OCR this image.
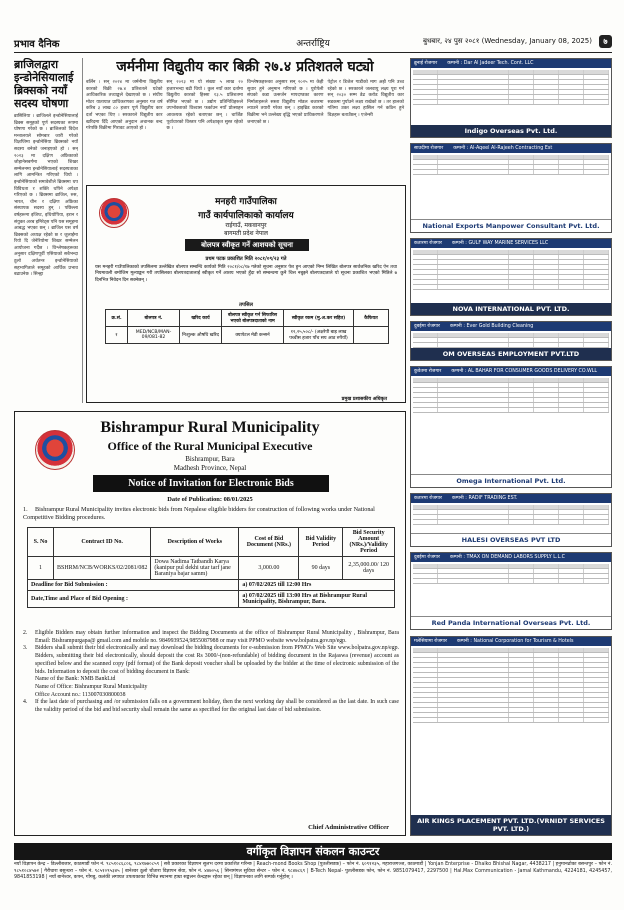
प्रभाव दैनिक	अन्तर्राष्ट्रिय	बुधबार, २४ पुस २०८१ (Wednesday, January 08, 2025)	७
ब्राजिलद्वारा इन्डोनेसियालाई ब्रिक्सको नयाँ सदस्य घोषणा
ब्रासिलिया । ब्राजिलले इन्डोनेसियालाई ब्रिक्स समूहको पूर्ण सदस्यका रूपमा घोषणा गरेको छ । ब्राजिलको विदेश मन्त्रालयले सोमबार जारी गरेको विज्ञप्तिमा इन्डोनेसिया ब्रिक्सको नयाँ सदस्य बनेको जनाइएको हो । सन् २०२३ मा दक्षिण अफ्रिकाको जोहानेसबर्गमा भएको शिखर सम्मेलनमा इन्डोनेसियालाई सदस्यताका लागि आमन्त्रित गरिएको थियो । इन्डोनेसियाको समावेशीले ब्रिक्समा थप विविधता र शक्ति थपिने अपेक्षा गरिएको छ । ब्रिक्समा ब्राजिल, रुस, भारत, चीन र दक्षिण अफ्रिका संस्थापक सदस्य हुन् । पछिल्ला वर्षहरूमा इजिप्ट, इथियोपिया, इरान र संयुक्त अरब इमिरेट्स पनि यस समूहमा आबद्ध भएका छन् । ब्राजिल यस वर्ष ब्रिक्सको अध्यक्ष रहेको छ र जुलाईमा रियो दि जेनेरियोमा शिखर सम्मेलन आयोजना गर्दैछ । विश्लेषकहरूका अनुसार दक्षिणपूर्वी एसियाको सबैभन्दा ठूलो अर्थतन्त्र इन्डोनेसियाको सहभागिताले समूहको आर्थिक प्रभाव बढाउनेछ । सिन्ह्वा
जर्मनीमा विद्युतीय कार बिक्री २७.४ प्रतिशतले घट्यो
बर्लिन । सन् २०२४ मा जर्मनीमा विद्युतीय कारको बिक्री २७.४ प्रतिशतले घटेको आधिकारिक तथ्याङ्कले देखाएको छ । संघीय मोटर यातायात प्राधिकरणका अनुसार गत वर्ष करिब ३ लाख ८० हजार पूर्ण विद्युतीय कार दर्ता भएका थिए । सरकारले विद्युतीय कार खरिदमा दिँदै आएको अनुदान अचानक बन्द गरेपछि बिक्रीमा गिरावट आएको हो ।
सन् २०२३ मा यो संख्या ५ लाख २० हजारभन्दा बढी थियो । कुल नयाँ कार दर्तामा विद्युतीय कारको हिस्सा १३.५ प्रतिशतमा सीमित भएको छ । उद्योग प्रतिनिधिहरूले उपभोक्ताको विश्वास फर्काउन नयाँ प्रोत्साहन आवश्यक रहेको बताएका छन् । चार्जिङ पूर्वाधारको विस्तार पनि अपेक्षाकृत सुस्त रहेको छ ।
विश्लेषकहरूका अनुसार सन् २०२५ मा केही सुधार हुने अनुमान गरिएको छ । युरोपेली संघको कडा उत्सर्जन मापदण्डका कारण निर्माताहरूले सस्ता विद्युतीय मोडल बजारमा ल्याउने तयारी गरेका छन् । हाइब्रिड कारको बिक्रीमा भने उल्लेख्य वृद्धि भएको प्राधिकरणले जनाएको छ ।
पेट्रोल र डिजेल गाडीको माग अझै पनि उच्च रहेको छ । सरकारले जलवायु लक्ष्य पूरा गर्न सन् २०३० सम्म डेढ करोड विद्युतीय कार सडकमा पुर्याउने लक्ष्य राखेको छ । तर हालको गतिमा उक्त लक्ष्य हासिल गर्न कठिन हुने विज्ञहरू बताउँछन् । एजेन्सी
मनहरी गाउँपालिका
गाउँ कार्यपालिकाको कार्यालय
राईगाउँ, मकवानपुर
बागमती प्रदेश नेपाल
बोलपत्र स्वीकृत गर्ने आशयको सूचना
प्रथम पटक प्रकाशित मिति २०८१/०९/२३ गते
यस मनहरी गाउँपालिकाको तपसिलमा उल्लेखित बोलपत्र सम्बन्धि कार्यको मिति २०८१/०८/१७ गतेको सूचना अनुसार पेश हुन आएको निम्न लिखित बोलपत्र सार्वजनिक खरिद ऐन तथा नियमावली बमोजिम मूल्याङ्कन गरी तपसिलका बोलपत्रदातालाई स्वीकृत गर्ने आशय भएको हुँदा सो सम्बन्धमा कुनै चित्त नबुझ्ने बोलपत्रदाताले यो सूचना प्रकाशित भएको मितिले ७ दिनभित्र निवेदन दिन सक्नेछन् ।
तपसिल
क्र.सं.	बोलपत्र नं.	खरिद कार्य	बोलपत्र स्वीकृत गर्न सिफारिस भएको बोलपत्रदाताको नाम	स्वीकृत रकम (मु.अ.कर सहित)	कैफियत
१	MED/NCB/MAN-09/081-82	निःशुल्क औषधि खरिद	क्यापेटल मेडी कन्सर्न	१२,२५,५०८/- (अक्षरेपी बाह्र लाख पच्चीस हजार पाँच सय आठ रुपैयाँ)	
प्रमुख प्रशासकीय अधिकृत
Bishrampur Rural Municipality
Office of the Rural Municipal Executive
Bishrampur, Bara
Madhesh Province, Nepal
Notice of Invitation for Electronic Bids
Date of Publication: 08/01/2025
1. Bishrampur Rural Municipality invites electronic bids from Nepalese eligible bidders for construction of following works under National Competitive Bidding procedures.
S. No	Contract ID No.	Description of Works	Cost of Bid Document (NRs.)	Bid Validity Period	Bid Security Amount (NRs.)/Validity Period
1	BSHRM/NCB/WORKS/02/2081/082	Dowa Nadima Tatbandh Karya (kanipur pul dekhi utar tarf jane Baraniya bajar samm)	3,000.00	90 days	2,35,000.00/ 120 days
Deadline for Bid Submission :			a) 07/02/2025 till 12:00 Hrs		
Date,Time and Place of Bid Opening :			a) 07/02/2025 till 13:00 Hrs at Bishrampur Rural Municipality, Bishrampur, Bara.		
2.	Eligible Bidders may obtain further information and inspect the Bidding Documents at the office of Bishrampur Rural Municipality , Bishrampur, Bara Email: Bishrampurgapa@ gmail.com and mobile no. 9849939524,9855087988 or may visit PPMO website www.bolpatra.gov.np/egp.
3.	Bidders shall submit their bid electronically and may download the bidding documents for e-submission from PPMO's Web Site www.bolpatra.gov.np/egp. Bidders, submitting their bid electronically, should deposit the cost Rs 3000/-(non-refundable) of bidding document in the Rajaswa (revenue) account as specified below and the scanned copy (pdf format) of the Bank deposit voucher shall be uploaded by the bidder at the time of electronic submission of the bids. Information to deposit the cost of bidding document in Bank:
Name of the Bank: NMB BankLtd
Name of Office: Bishrampur Rural Municipality
Office Account no.: 113007030800038
4.	If the last date of purchasing and /or submission falls on a government holiday, then the next working day shall be considered as the last date. In such case the validity period of the bid and bid security shall remain the same as specified for the original last date of bid submission.
Chief Administrative Officer
ब्रुनाई रोजगार कम्पनी : Dar Al Jadeer Tech. Cont. LLC
Indigo Overseas Pvt. Ltd.
साउदीमा रोजगार कम्पनी : Al-Aqeel Al-Rajeeh Contracting Est
National Exports Manpower Consultant Pvt. Ltd.
कतारमा रोजगार कम्पनी : GULF WAY MARINE SERVICES LLC
NOVA INTERNATIONAL PVT. LTD.
दुबईमा रोजगार कम्पनी : Ever Gold Building Cleaning
OM OVERSEAS EMPLOYMENT PVT.LTD
कुवेतमा रोजगार कम्पनी : AL BAHAR FOR CONSUMER GOODS DELIVERY CO.WLL
Omega International Pvt. Ltd.
कतारमा रोजगार कम्पनी : RADIF TRADING EST.
HALESI OVERSEAS PVT LTD
दुबईमा रोजगार कम्पनी : TMAX ON DEMAND LABORS SUPPLY L.L.C
Red Panda International Overseas Pvt. Ltd.
मलेसियामा रोजगार कम्पनी : National Corporation for Tourism & Hotels
AIR KINGS PLACEMENT PVT. LTD.(VRNIDT SERVICES PVT. LTD.)
वर्गीकृत विज्ञापन संकलन काउन्टर
नयाँ विज्ञापन केन्द्र – डिल्लीबजार, काठमाडौं फोन नं. ९८५१०८६८०६, ९८४१७७०८५९ | सबै प्रकारका विज्ञापन सुलभ दरमा प्रकाशित गरिन्छ | Reach-mond Books Shop (पुतलीसडक) – फोन नं. ६०९१२३५, महाराजगञ्ज, काठमाडौं | Yonjan Enterprise - Dhalko Bhishal Nagar, 4438217 | हनुमानढोका बसन्तपुर – फोन नं. ९८५१०८४५७२ | गैरीधारा बसुन्धरा – फोन नं. ९८५१०९५३४५ | बानेश्वर ठूलो चौतारा विज्ञापन सेवा, फोन नं. ४४७०५६ | सिनामंगल सुविधा सेन्टर – फोन नं. ९८४७८६९ | B-Tech Nepal- पुतलीसडक फोन, फोन नं. 9851079417, 2297500 | Hal.Max Communication - Jamal Kathmandu, 4224181, 4245457, 9841853198 | नयाँ बानेश्वर, कपन, गोंगबु, कलंकी लगायत उपत्यकाका विभिन्न स्थानमा हाम्रा सङ्कलन केन्द्रहरू रहेका छन् | विज्ञापनका लागि सम्पर्क गर्नुहोस् ।
